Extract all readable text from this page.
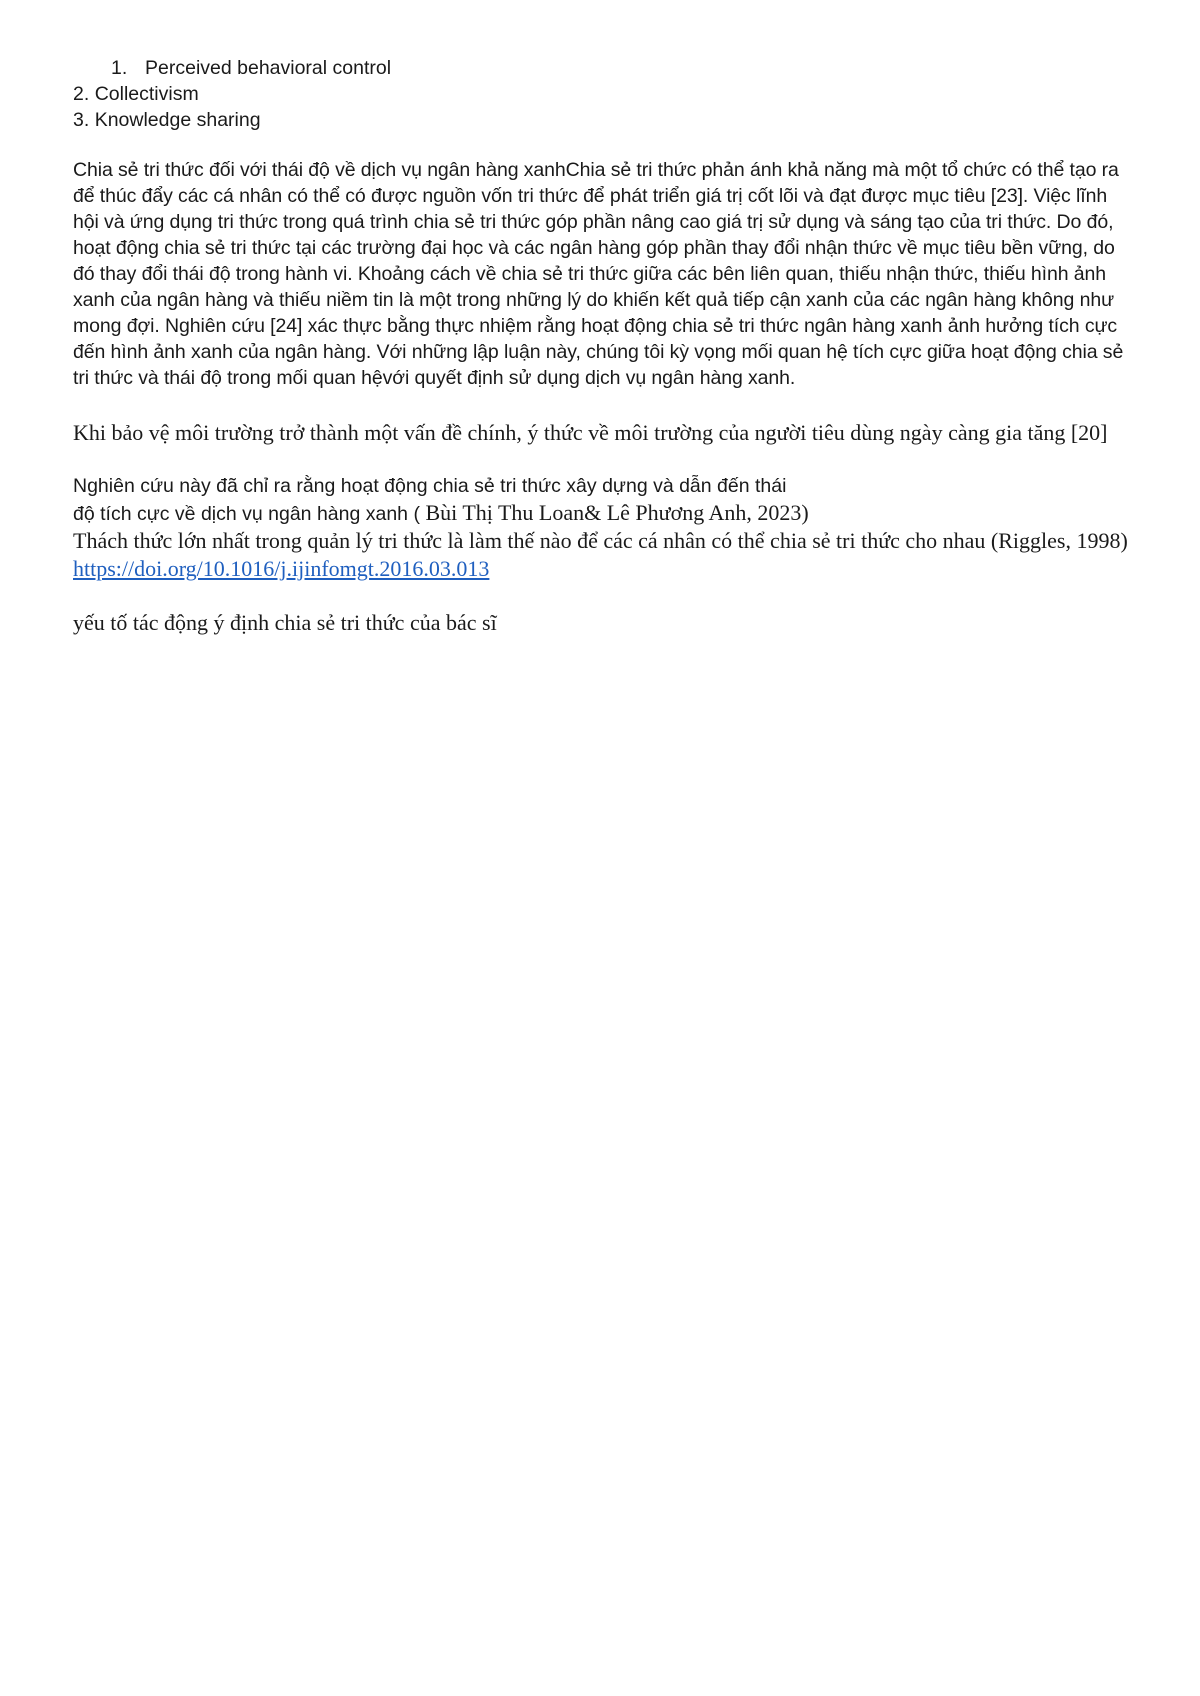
1. Perceived behavioral control
2. Collectivism
3. Knowledge sharing

Chia sẻ tri thức đối với thái độ về dịch vụ ngân hàng xanhChia sẻ tri thức phản ánh khả năng mà một tổ chức có thể tạo ra để thúc đẩy các cá nhân có thể có được nguồn vốn tri thức để phát triển giá trị cốt lõi và đạt được mục tiêu [23]. Việc lĩnh hội và ứng dụng tri thức trong quá trình chia sẻ tri thức góp phần nâng cao giá trị sử dụng và sáng tạo của tri thức. Do đó, hoạt động chia sẻ tri thức tại các trường đại học và các ngân hàng góp phần thay đổi nhận thức về mục tiêu bền vững, do đó thay đổi thái độ trong hành vi. Khoảng cách về chia sẻ tri thức giữa các bên liên quan, thiếu nhận thức, thiếu hình ảnh xanh của ngân hàng và thiếu niềm tin là một trong những lý do khiến kết quả tiếp cận xanh của các ngân hàng không như mong đợi. Nghiên cứu [24] xác thực bằng thực nhiệm rằng hoạt động chia sẻ tri thức ngân hàng xanh ảnh hưởng tích cực đến hình ảnh xanh của ngân hàng. Với những lập luận này, chúng tôi kỳ vọng mối quan hệ tích cực giữa hoạt động chia sẻ tri thức và thái độ trong mối quan hệvới quyết định sử dụng dịch vụ ngân hàng xanh.

Khi bảo vệ môi trường trở thành một vấn đề chính, ý thức về môi trường của người tiêu dùng ngày càng gia tăng [20]

Nghiên cứu này đã chỉ ra rằng hoạt động chia sẻ tri thức xây dựng và dẫn đến thái
độ tích cực về dịch vụ ngân hàng xanh ( Bùi Thị Thu Loan& Lê Phương Anh, 2023)
Thách thức lớn nhất trong quản lý tri thức là làm thế nào để các cá nhân có thể chia sẻ tri thức cho nhau (Riggles, 1998)
https://doi.org/10.1016/j.ijinfomgt.2016.03.013
yếu tố tác động ý định chia sẻ tri thức của bác sĩ
